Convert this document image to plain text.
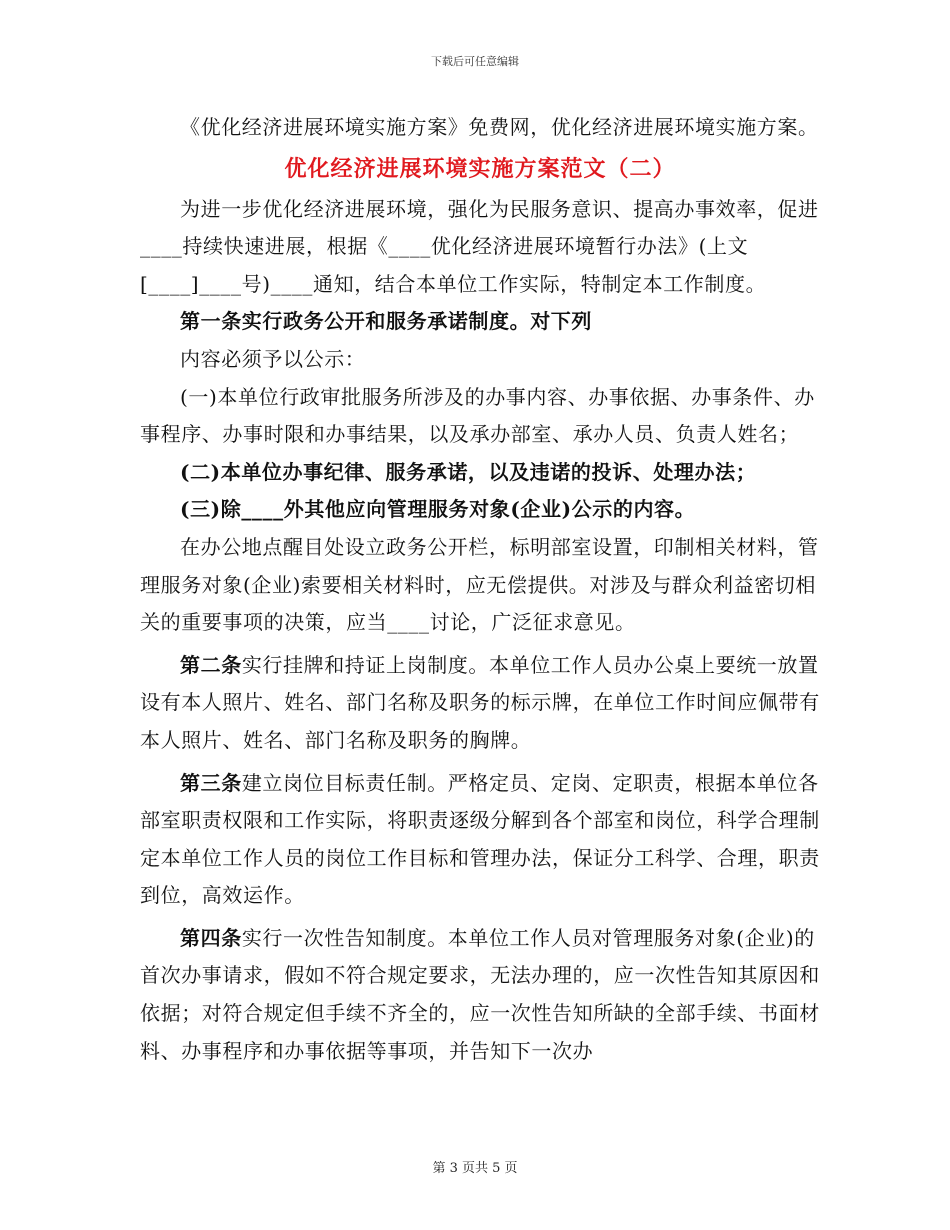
下载后可任意编辑

《优化经济进展环境实施方案》免费网，优化经济进展环境实施方案。

优化经济进展环境实施方案范文（二）

为进一步优化经济进展环境，强化为民服务意识、提高办事效率，促进____持续快速进展，根据《____优化经济进展环境暂行办法》(上文[____]____号)____通知，结合本单位工作实际，特制定本工作制度。

第一条实行政务公开和服务承诺制度。对下列

内容必须予以公示：

(一)本单位行政审批服务所涉及的办事内容、办事依据、办事条件、办事程序、办事时限和办事结果，以及承办部室、承办人员、负责人姓名；

(二)本单位办事纪律、服务承诺，以及违诺的投诉、处理办法；

(三)除____外其他应向管理服务对象(企业)公示的内容。

在办公地点醒目处设立政务公开栏，标明部室设置，印制相关材料，管理服务对象(企业)索要相关材料时，应无偿提供。对涉及与群众利益密切相关的重要事项的决策，应当____讨论，广泛征求意见。

第二条实行挂牌和持证上岗制度。本单位工作人员办公桌上要统一放置设有本人照片、姓名、部门名称及职务的标示牌，在单位工作时间应佩带有本人照片、姓名、部门名称及职务的胸牌。

第三条建立岗位目标责任制。严格定员、定岗、定职责，根据本单位各部室职责权限和工作实际，将职责逐级分解到各个部室和岗位，科学合理制定本单位工作人员的岗位工作目标和管理办法，保证分工科学、合理，职责到位，高效运作。

第四条实行一次性告知制度。本单位工作人员对管理服务对象(企业)的首次办事请求，假如不符合规定要求，无法办理的，应一次性告知其原因和依据；对符合规定但手续不齐全的，应一次性告知所缺的全部手续、书面材料、办事程序和办事依据等事项，并告知下一次办

第 3 页共 5 页
